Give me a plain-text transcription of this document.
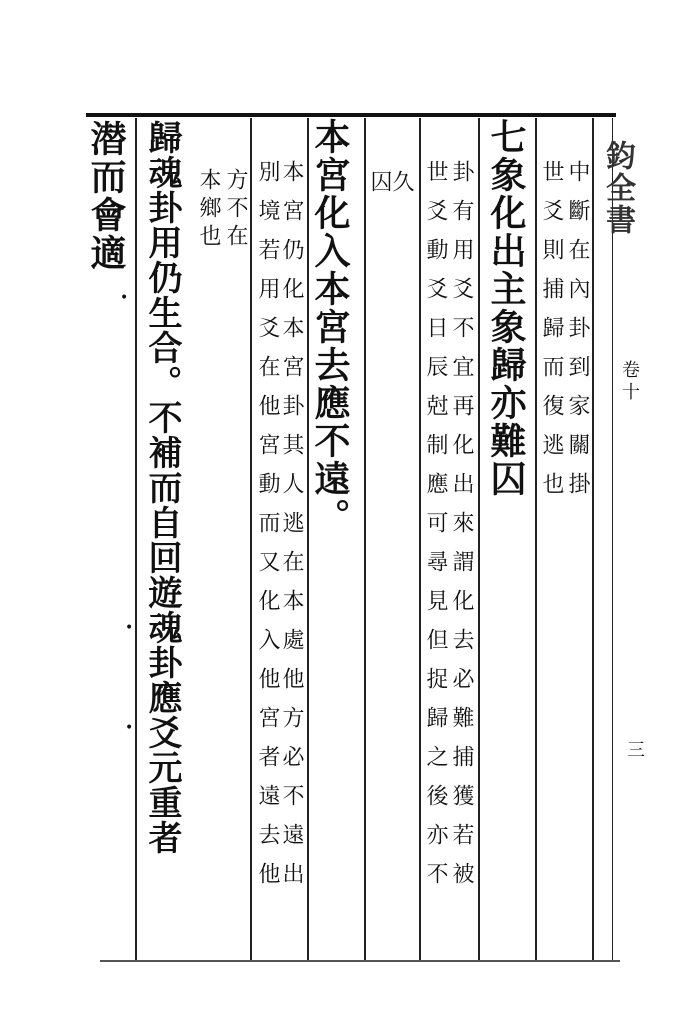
潜而會適 歸魂卦用仍生合。不補而自回遊魂卦應爻元重者 本鄉也 方不在 別境若用爻在他宮動而又化入他宮者遠去他 本宮仍化本宮卦其人逃在本處他方必不遠出 本宮化入本宮去應不遠。 久
囚 世爻動爻日辰尅制應可尋見但捉歸之後亦不 卦有用爻不宜再化出來謂化去必難捕獲若被 七象化出主象歸亦難囚 世爻則捕歸而復逃也 中斷在內卦到家關掛 鈞全書
卷十
三
•
•
•
